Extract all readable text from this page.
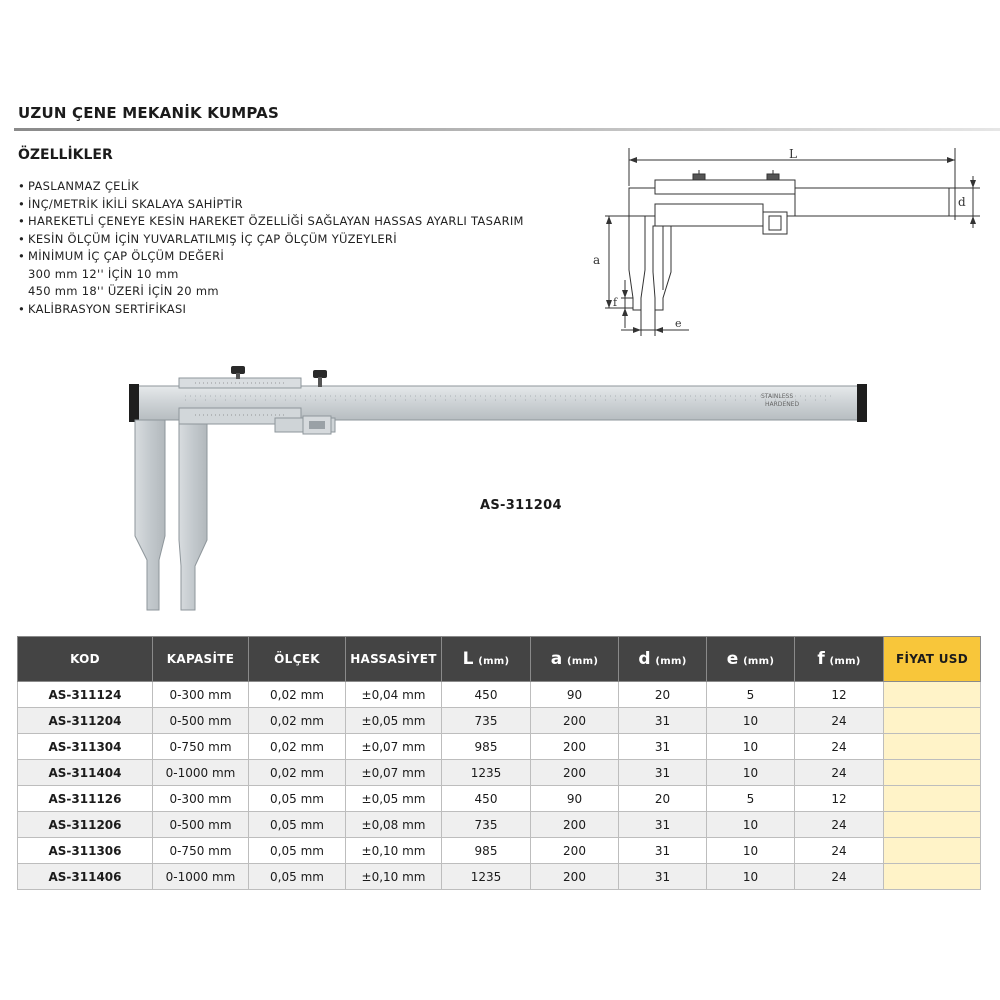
UZUN ÇENE MEKANİK KUMPAS
ÖZELLİKLER
• PASLANMAZ ÇELİK
• İNÇ/METRİK İKİLİ SKALAYA SAHİPTİR
• HAREKETLİ ÇENEYE KESİN HAREKET ÖZELLİĞİ SAĞLAYAN HASSAS AYARLI TASARIM
• KESİN ÖLÇÜM İÇİN YUVARLATILMIŞ İÇ ÇAP ÖLÇÜM YÜZEYLERİ
• MİNİMUM İÇ ÇAP ÖLÇÜM DEĞERİ
300 mm 12'' İÇİN 10 mm
450 mm 18'' ÜZERİ İÇİN 20 mm
• KALİBRASYON SERTİFİKASI
L
d
a
f
e
STAINLESS
HARDENED
AS-311204
KOD	KAPASİTE	ÖLÇEK	HASSASİYET	L (mm)	a (mm)	d (mm)	e (mm)	f (mm)	FİYAT USD
AS-311124	0-300 mm	0,02 mm	±0,04 mm	450	90	20	5	12	
AS-311204	0-500 mm	0,02 mm	±0,05 mm	735	200	31	10	24	
AS-311304	0-750 mm	0,02 mm	±0,07 mm	985	200	31	10	24	
AS-311404	0-1000 mm	0,02 mm	±0,07 mm	1235	200	31	10	24	
AS-311126	0-300 mm	0,05 mm	±0,05 mm	450	90	20	5	12	
AS-311206	0-500 mm	0,05 mm	±0,08 mm	735	200	31	10	24	
AS-311306	0-750 mm	0,05 mm	±0,10 mm	985	200	31	10	24	
AS-311406	0-1000 mm	0,05 mm	±0,10 mm	1235	200	31	10	24	
